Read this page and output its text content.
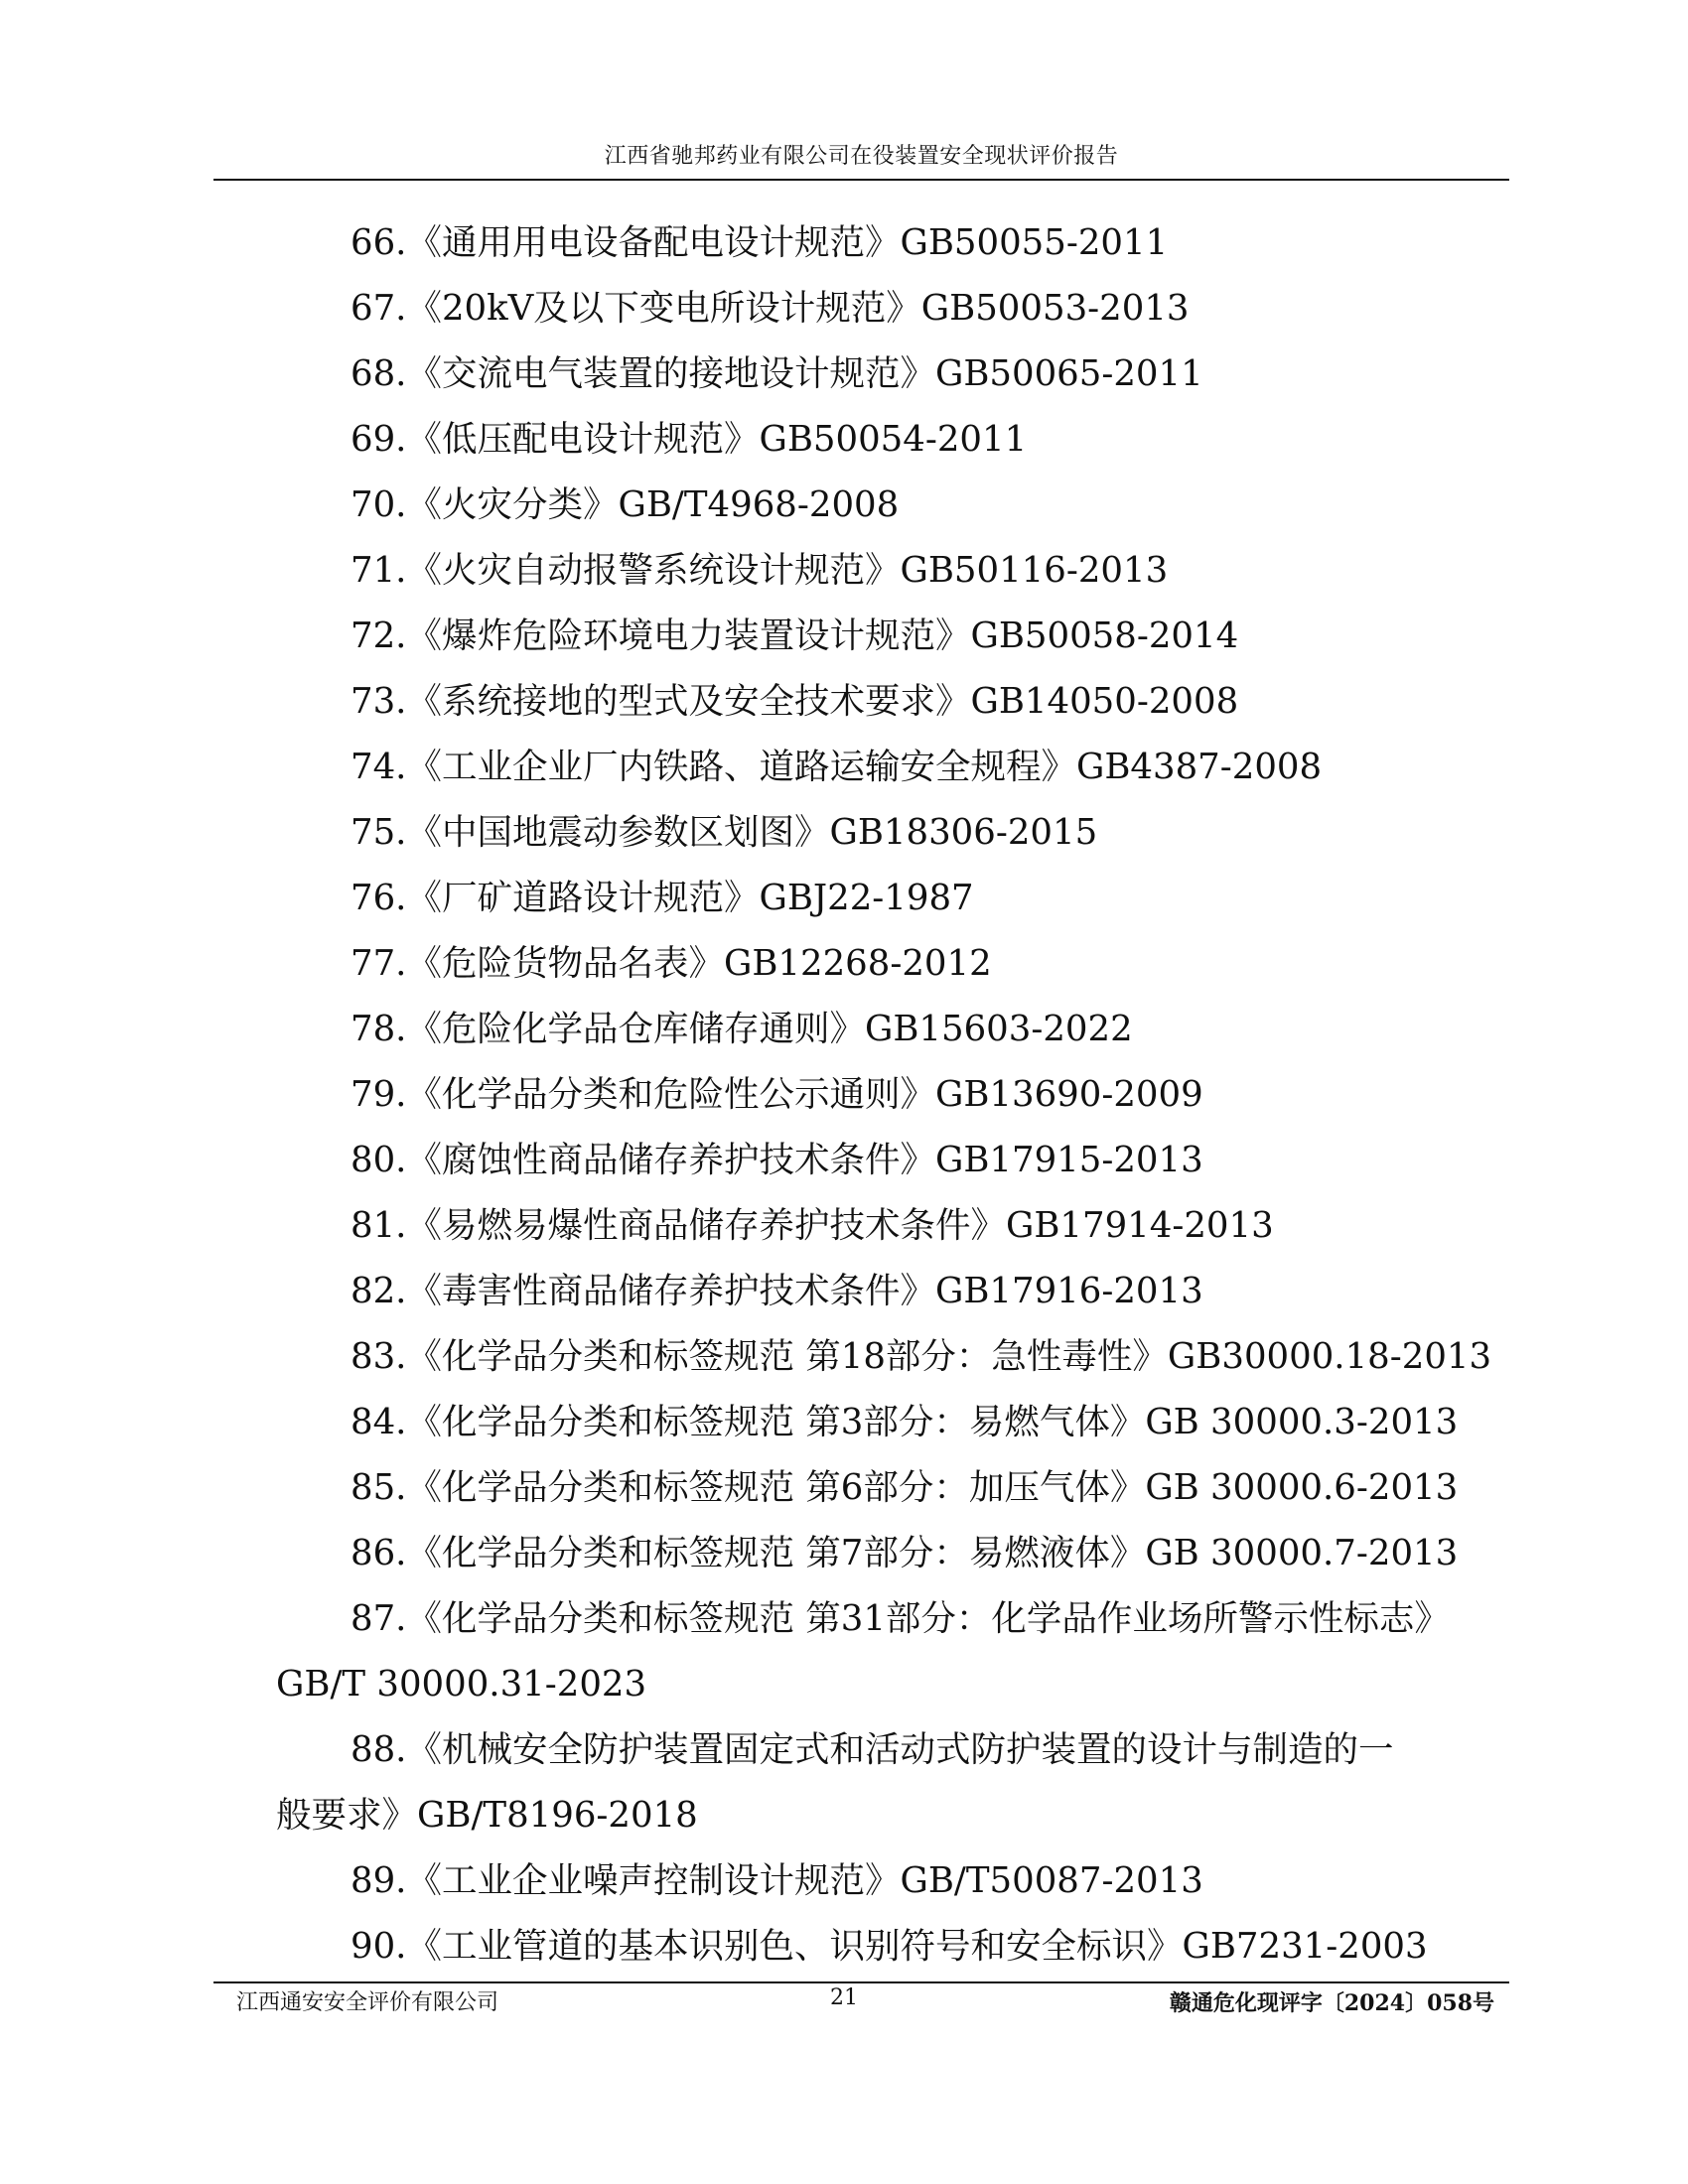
江西省驰邦药业有限公司在役装置安全现状评价报告
66.《通用用电设备配电设计规范》GB50055-2011
67.《20kV及以下变电所设计规范》GB50053-2013
68.《交流电气装置的接地设计规范》GB50065-2011
69.《低压配电设计规范》GB50054-2011
70.《火灾分类》GB/T4968-2008
71.《火灾自动报警系统设计规范》GB50116-2013
72.《爆炸危险环境电力装置设计规范》GB50058-2014
73.《系统接地的型式及安全技术要求》GB14050-2008
74.《工业企业厂内铁路、道路运输安全规程》GB4387-2008
75.《中国地震动参数区划图》GB18306-2015
76.《厂矿道路设计规范》GBJ22-1987
77.《危险货物品名表》GB12268-2012
78.《危险化学品仓库储存通则》GB15603-2022
79.《化学品分类和危险性公示通则》GB13690-2009
80.《腐蚀性商品储存养护技术条件》GB17915-2013
81.《易燃易爆性商品储存养护技术条件》GB17914-2013
82.《毒害性商品储存养护技术条件》GB17916-2013
83.《化学品分类和标签规范 第18部分：急性毒性》GB30000.18-2013
84.《化学品分类和标签规范 第3部分：易燃气体》GB 30000.3-2013
85.《化学品分类和标签规范 第6部分：加压气体》GB 30000.6-2013
86.《化学品分类和标签规范 第7部分：易燃液体》GB 30000.7-2013
87.《化学品分类和标签规范 第31部分：化学品作业场所警示性标志》
GB/T 30000.31-2023
88.《机械安全防护装置固定式和活动式防护装置的设计与制造的一
般要求》GB/T8196-2018
89.《工业企业噪声控制设计规范》GB/T50087-2013
90.《工业管道的基本识别色、识别符号和安全标识》GB7231-2003
江西通安安全评价有限公司	21	赣通危化现评字〔2024〕058号
